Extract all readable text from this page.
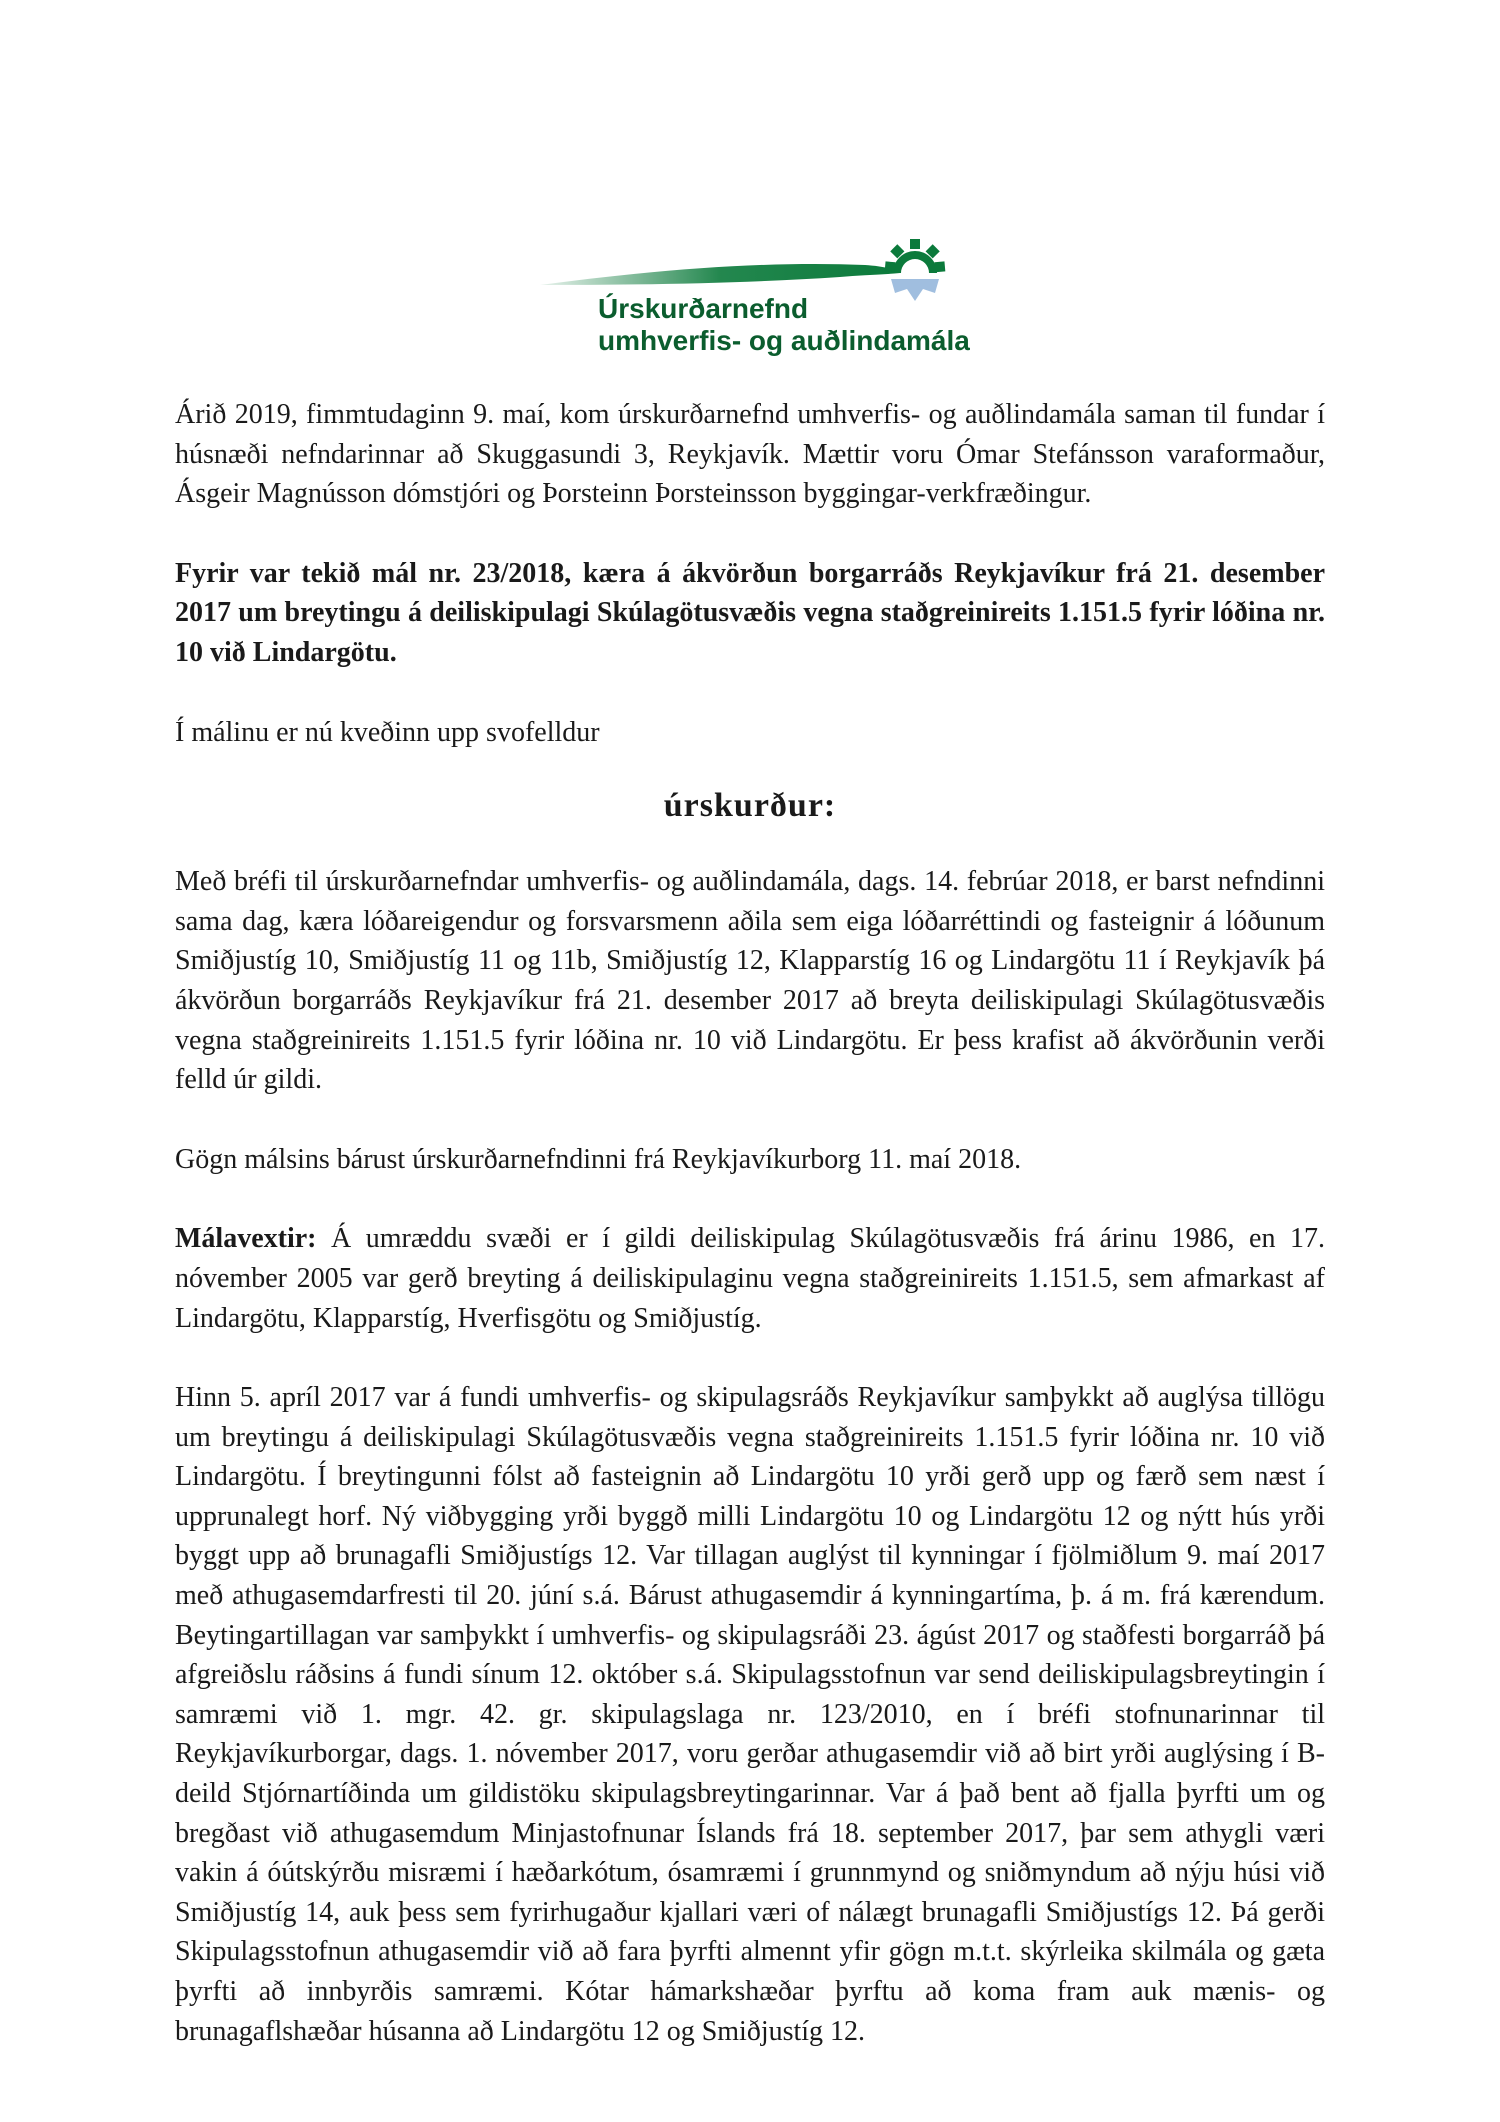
Úrskurðarnefnd
umhverfis- og auðlindamála

Árið 2019, fimmtudaginn 9. maí, kom úrskurðarnefnd umhverfis- og auðlindamála saman til fundar í húsnæði nefndarinnar að Skuggasundi 3, Reykjavík. Mættir voru Ómar Stefánsson varaformaður, Ásgeir Magnússon dómstjóri og Þorsteinn Þorsteinsson byggingar-verkfræðingur.

Fyrir var tekið mál nr. 23/2018, kæra á ákvörðun borgarráðs Reykjavíkur frá 21. desember 2017 um breytingu á deiliskipulagi Skúlagötusvæðis vegna staðgreinireits 1.151.5 fyrir lóðina nr. 10 við Lindargötu.

Í málinu er nú kveðinn upp svofelldur

úrskurður:

Með bréfi til úrskurðarnefndar umhverfis- og auðlindamála, dags. 14. febrúar 2018, er barst nefndinni sama dag, kæra lóðareigendur og forsvarsmenn aðila sem eiga lóðarréttindi og fasteignir á lóðunum Smiðjustíg 10, Smiðjustíg 11 og 11b, Smiðjustíg 12, Klapparstíg 16 og Lindargötu 11 í Reykjavík þá ákvörðun borgarráðs Reykjavíkur frá 21. desember 2017 að breyta deiliskipulagi Skúlagötusvæðis vegna staðgreinireits 1.151.5 fyrir lóðina nr. 10 við Lindargötu. Er þess krafist að ákvörðunin verði felld úr gildi.

Gögn málsins bárust úrskurðarnefndinni frá Reykjavíkurborg 11. maí 2018.

Málavextir: Á umræddu svæði er í gildi deiliskipulag Skúlagötusvæðis frá árinu 1986, en 17. nóvember 2005 var gerð breyting á deiliskipulaginu vegna staðgreinireits 1.151.5, sem afmarkast af Lindargötu, Klapparstíg, Hverfisgötu og Smiðjustíg.

Hinn 5. apríl 2017 var á fundi umhverfis- og skipulagsráðs Reykjavíkur samþykkt að auglýsa tillögu um breytingu á deiliskipulagi Skúlagötusvæðis vegna staðgreinireits 1.151.5 fyrir lóðina nr. 10 við Lindargötu. Í breytingunni fólst að fasteignin að Lindargötu 10 yrði gerð upp og færð sem næst í upprunalegt horf. Ný viðbygging yrði byggð milli Lindargötu 10 og Lindargötu 12 og nýtt hús yrði byggt upp að brunagafli Smiðjustígs 12. Var tillagan auglýst til kynningar í fjölmiðlum 9. maí 2017 með athugasemdarfresti til 20. júní s.á. Bárust athugasemdir á kynningartíma, þ. á m. frá kærendum. Beytingartillagan var samþykkt í umhverfis- og skipulagsráði 23. ágúst 2017 og staðfesti borgarráð þá afgreiðslu ráðsins á fundi sínum 12. október s.á. Skipulagsstofnun var send deiliskipulagsbreytingin í samræmi við 1. mgr. 42. gr. skipulagslaga nr. 123/2010, en í bréfi stofnunarinnar til Reykjavíkurborgar, dags. 1. nóvember 2017, voru gerðar athugasemdir við að birt yrði auglýsing í B-deild Stjórnartíðinda um gildistöku skipulagsbreytingarinnar. Var á það bent að fjalla þyrfti um og bregðast við athugasemdum Minjastofnunar Íslands frá 18. september 2017, þar sem athygli væri vakin á óútskýrðu misræmi í hæðarkótum, ósamræmi í grunnmynd og sniðmyndum að nýju húsi við Smiðjustíg 14, auk þess sem fyrirhugaður kjallari væri of nálægt brunagafli Smiðjustígs 12. Þá gerði Skipulagsstofnun athugasemdir við að fara þyrfti almennt yfir gögn m.t.t. skýrleika skilmála og gæta þyrfti að innbyrðis samræmi. Kótar hámarkshæðar þyrftu að koma fram auk mænis- og brunagaflshæðar húsanna að Lindargötu 12 og Smiðjustíg 12.
